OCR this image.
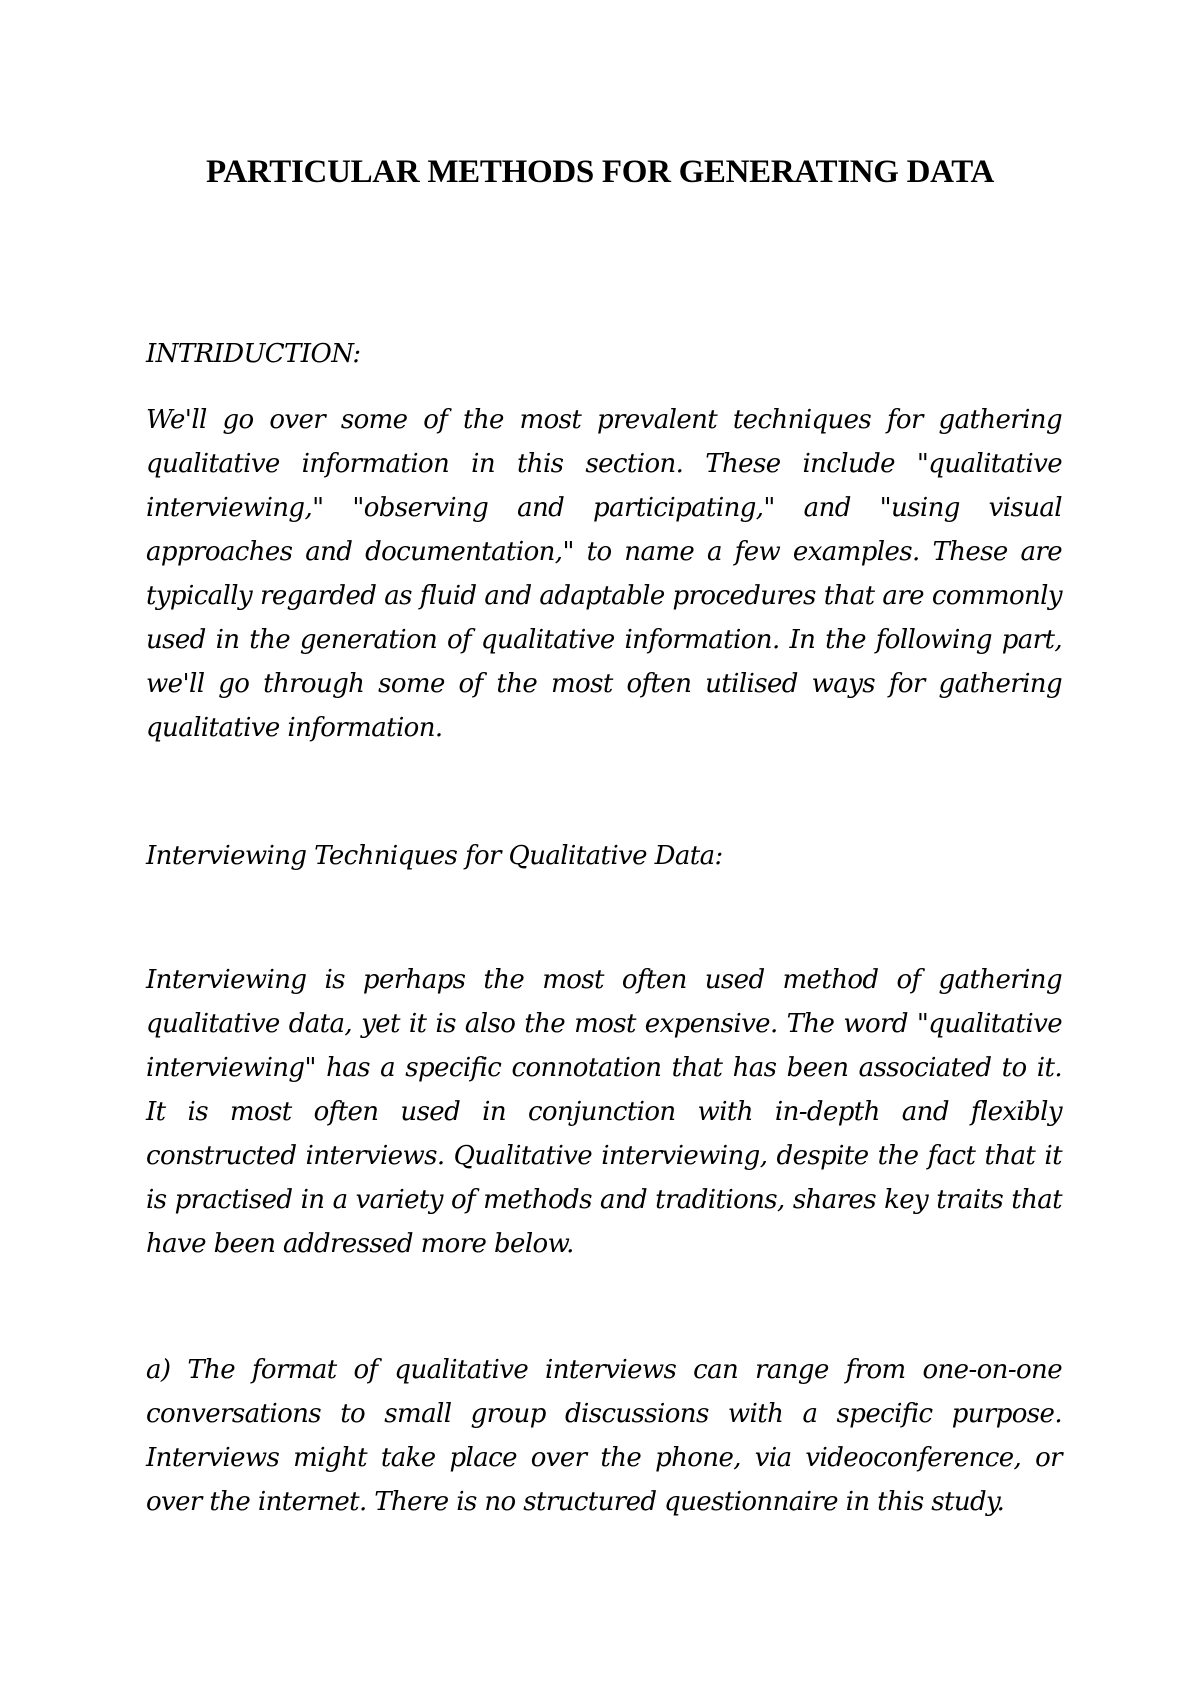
PARTICULAR METHODS FOR GENERATING DATA
INTRIDUCTION:
We'll go over some of the most prevalent techniques for gathering qualitative information in this section. These include "qualitative interviewing," "observing and participating," and "using visual approaches and documentation," to name a few examples. These are typically regarded as fluid and adaptable procedures that are commonly used in the generation of qualitative information. In the following part, we'll go through some of the most often utilised ways for gathering qualitative information.
Interviewing Techniques for Qualitative Data:
Interviewing is perhaps the most often used method of gathering qualitative data, yet it is also the most expensive. The word "qualitative interviewing" has a specific connotation that has been associated to it. It is most often used in conjunction with in-depth and flexibly constructed interviews. Qualitative interviewing, despite the fact that it is practised in a variety of methods and traditions, shares key traits that have been addressed more below.
a) The format of qualitative interviews can range from one-on-one conversations to small group discussions with a specific purpose. Interviews might take place over the phone, via videoconference, or over the internet. There is no structured questionnaire in this study.
